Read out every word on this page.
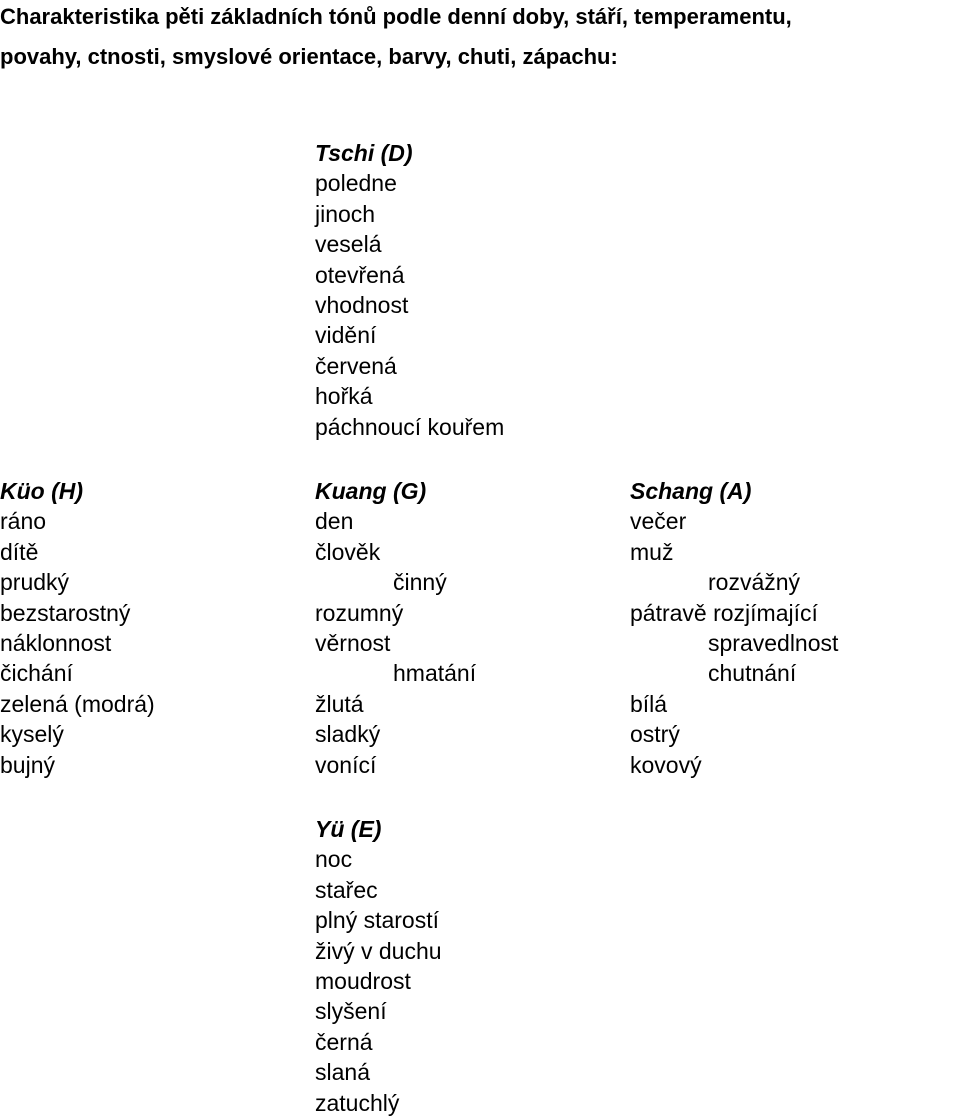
Charakteristika pěti základních tónů podle denní doby, stáří, temperamentu,
povahy, ctnosti, smyslové orientace, barvy, chuti, zápachu:
Tschi (D)
poledne
jinoch
veselá
otevřená
vhodnost
vidění
červená
hořká
páchnoucí kouřem
Küo (H)
ráno
dítě
prudký
bezstarostný
náklonnost
čichání
zelená (modrá)
kyselý
bujný
Kuang (G)
den
člověk
činný
rozumný
věrnost
hmatání
žlutá
sladký
vonící
Schang (A)
večer
muž
rozvážný
pátravě rozjímající
spravedlnost
chutnání
bílá
ostrý
kovový
Yü (E)
noc
stařec
plný starostí
živý v duchu
moudrost
slyšení
černá
slaná
zatuchlý
